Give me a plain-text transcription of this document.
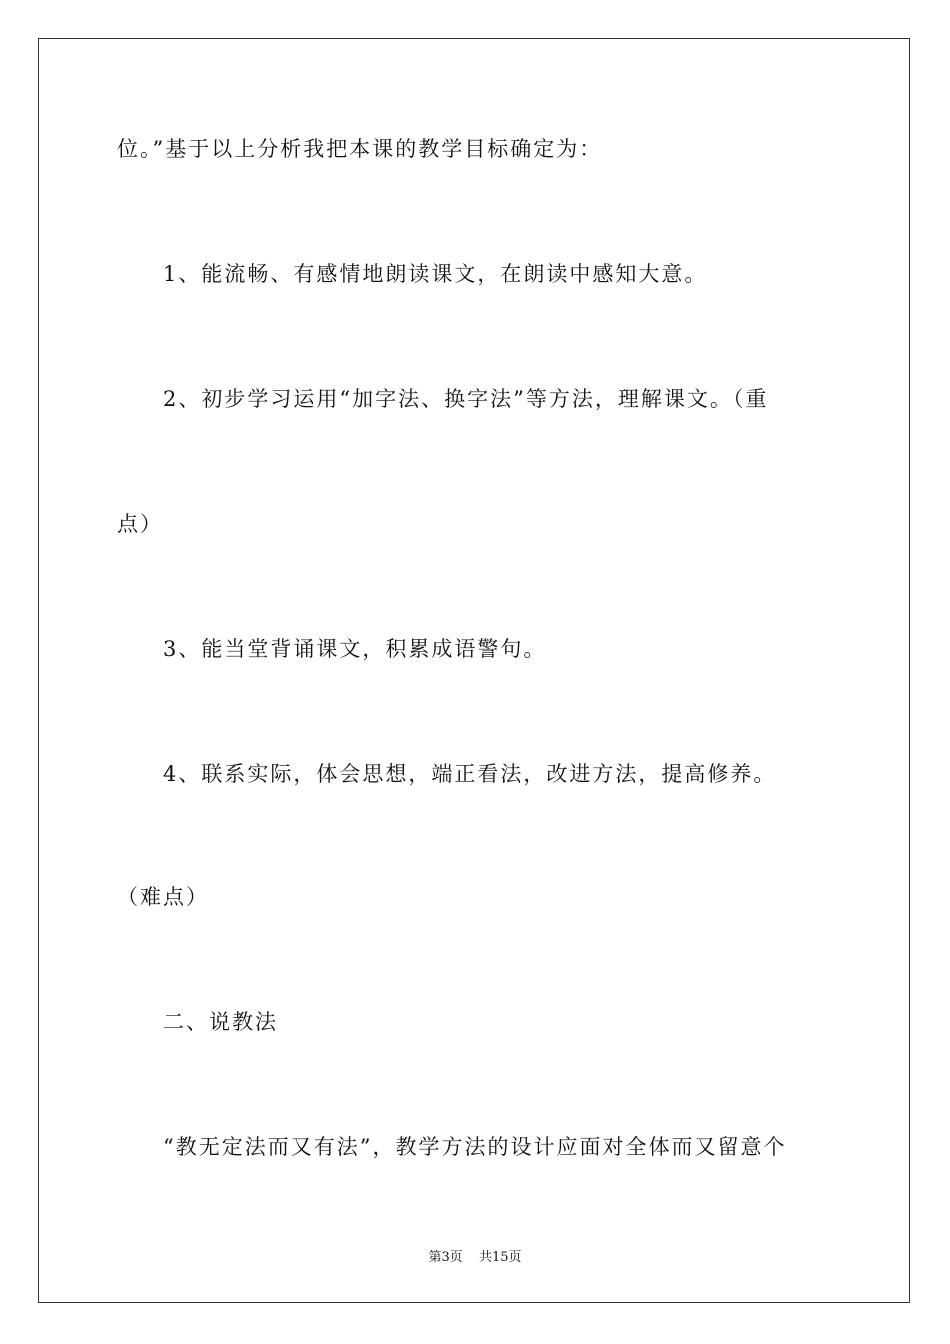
位。”基于以上分析我把本课的教学目标确定为：
1、能流畅、有感情地朗读课文，在朗读中感知大意。
2、初步学习运用“加字法、换字法”等方法，理解课文。（重
点）
3、能当堂背诵课文，积累成语警句。
4、联系实际，体会思想，端正看法，改进方法，提高修养。
（难点）
二、说教法
“教无定法而又有法”，教学方法的设计应面对全体而又留意个
第3页 共15页
